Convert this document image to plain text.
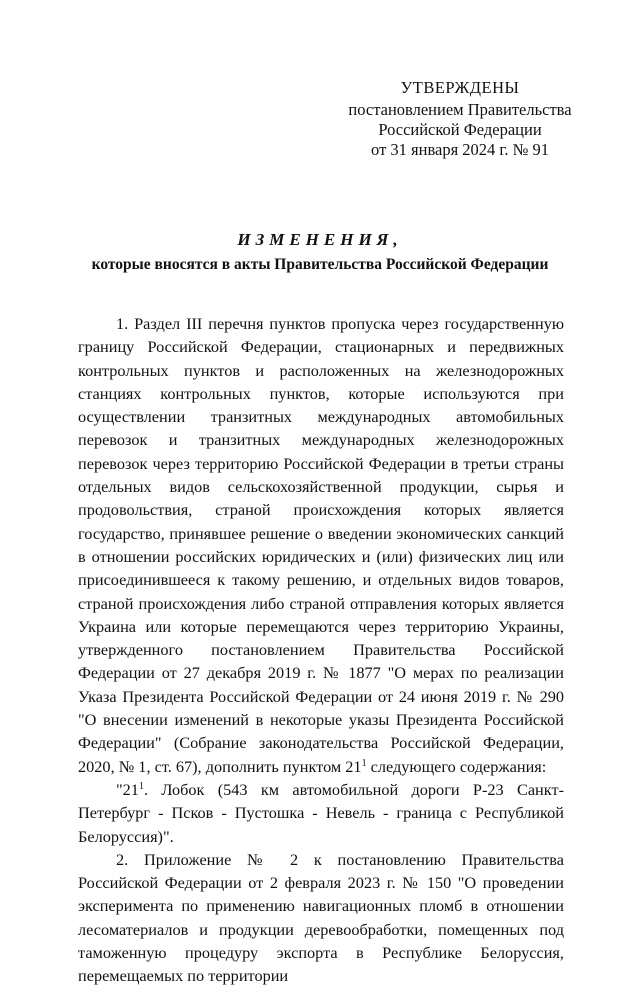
УТВЕРЖДЕНЫ
постановлением Правительства
Российской Федерации
от 31 января 2024 г. № 91
ИЗМЕНЕНИЯ,
которые вносятся в акты Правительства Российской Федерации

1. Раздел III перечня пунктов пропуска через государственную границу Российской Федерации, стационарных и передвижных контрольных пунктов и расположенных на железнодорожных станциях контрольных пунктов, которые используются при осуществлении транзитных международных автомобильных перевозок и транзитных международных железнодорожных перевозок через территорию Российской Федерации в третьи страны отдельных видов сельскохозяйственной продукции, сырья и продовольствия, страной происхождения которых является государство, принявшее решение о введении экономических санкций в отношении российских юридических и (или) физических лиц или присоединившееся к такому решению, и отдельных видов товаров, страной происхождения либо страной отправления которых является Украина или которые перемещаются через территорию Украины, утвержденного постановлением Правительства Российской Федерации от 27 декабря 2019 г. № 1877 "О мерах по реализации Указа Президента Российской Федерации от 24 июня 2019 г. № 290 "О внесении изменений в некоторые указы Президента Российской Федерации" (Собрание законодательства Российской Федерации, 2020, № 1, ст. 67), дополнить пунктом $21^1$ следующего содержания:

"$21^1$. Лобок (543 км автомобильной дороги Р-23 Санкт-Петербург - Псков - Пустошка - Невель - граница с Республикой Белоруссия)".

2. Приложение № 2 к постановлению Правительства Российской Федерации от 2 февраля 2023 г. № 150 "О проведении эксперимента по применению навигационных пломб в отношении лесоматериалов и продукции деревообработки, помещенных под таможенную процедуру экспорта в Республике Белоруссия, перемещаемых по территории
